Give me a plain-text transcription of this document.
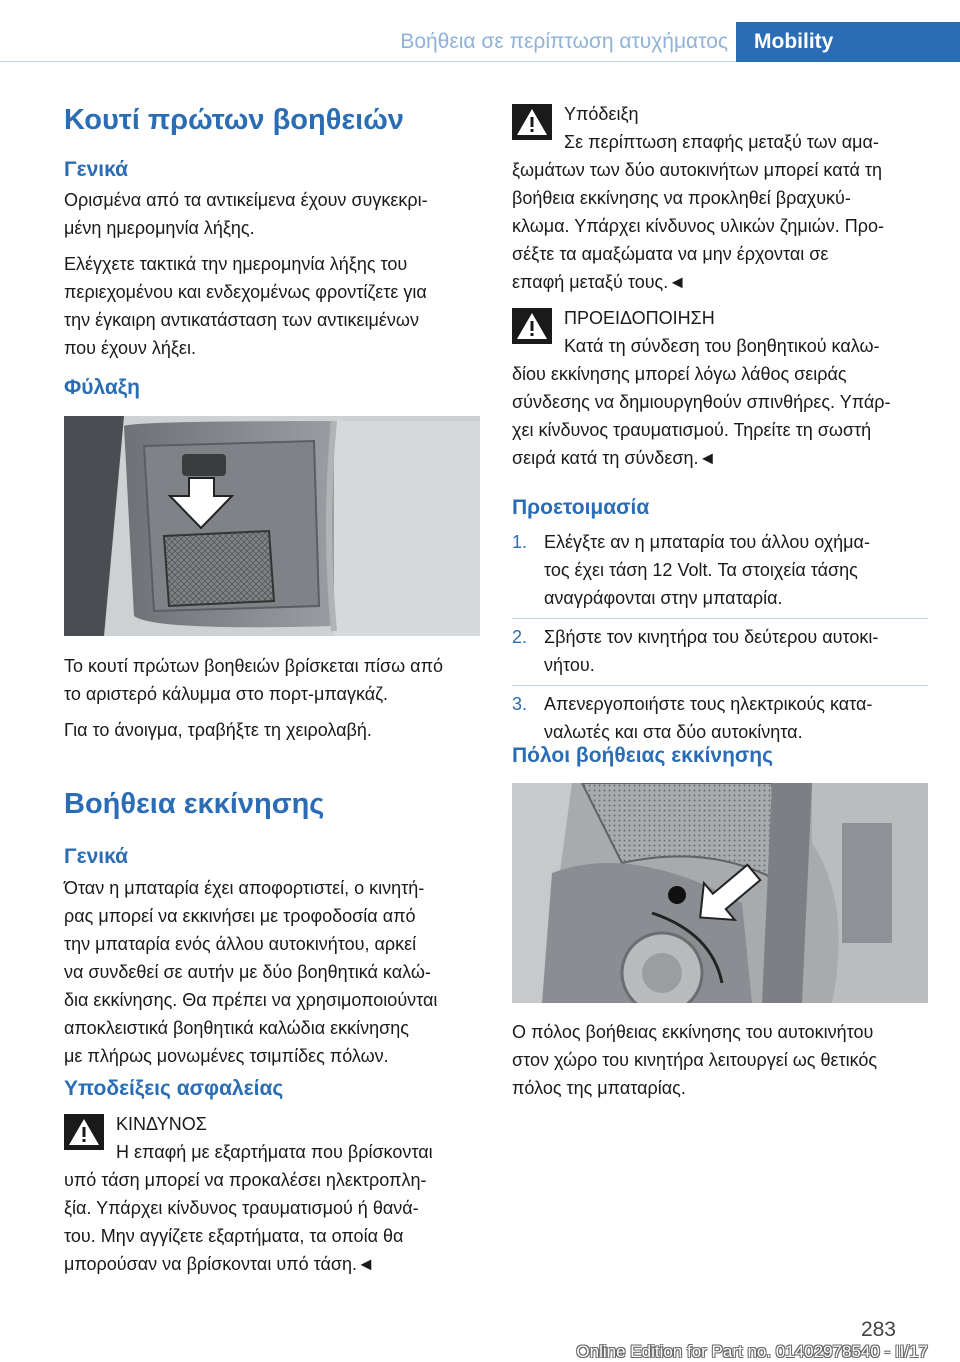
Βοήθεια σε περίπτωση ατυχήματος	Mobility
Κουτί πρώτων βοηθειών
Γενικά

Ορισμένα από τα αντικείμενα έχουν συγκεκρι-

μένη ημερομηνία λήξης.

Ελέγχετε τακτικά την ημερομηνία λήξης του

περιεχομένου και ενδεχομένως φροντίζετε για

την έγκαιρη αντικατάσταση των αντικειμένων

που έχουν λήξει.

Φύλαξη

Το κουτί πρώτων βοηθειών βρίσκεται πίσω από

το αριστερό κάλυμμα στο πορτ-μπαγκάζ.

Για το άνοιγμα, τραβήξτε τη χειρολαβή.

Βοήθεια εκκίνησης
Γενικά

Όταν η μπαταρία έχει αποφορτιστεί, ο κινητή-

ρας μπορεί να εκκινήσει με τροφοδοσία από

την μπαταρία ενός άλλου αυτοκινήτου, αρκεί

να συνδεθεί σε αυτήν με δύο βοηθητικά καλώ-

δια εκκίνησης. Θα πρέπει να χρησιμοποιούνται

αποκλειστικά βοηθητικά καλώδια εκκίνησης

με πλήρως μονωμένες τσιμπίδες πόλων.

Υποδείξεις ασφαλείας
ΚΙΝΔΥΝΟΣ
Η επαφή με εξαρτήματα που βρίσκονται
υπό τάση μπορεί να προκαλέσει ηλεκτροπλη-
ξία. Υπάρχει κίνδυνος τραυματισμού ή θανά-
του. Μην αγγίζετε εξαρτήματα, τα οποία θα
μπορούσαν να βρίσκονται υπό τάση.◄
Υπόδειξη
Σε περίπτωση επαφής μεταξύ των αμα-
ξωμάτων των δύο αυτοκινήτων μπορεί κατά τη
βοήθεια εκκίνησης να προκληθεί βραχυκύ-
κλωμα. Υπάρχει κίνδυνος υλικών ζημιών. Προ-
σέξτε τα αμαξώματα να μην έρχονται σε
επαφή μεταξύ τους.◄
ΠΡΟΕΙΔΟΠΟΙΗΣΗ
Κατά τη σύνδεση του βοηθητικού καλω-
δίου εκκίνησης μπορεί λόγω λάθος σειράς
σύνδεσης να δημιουργηθούν σπινθήρες. Υπάρ-
χει κίνδυνος τραυματισμού. Τηρείτε τη σωστή
σειρά κατά τη σύνδεση.◄
Προετοιμασία
1. Ελέγξτε αν η μπαταρία του άλλου οχήμα-
τος έχει τάση 12 Volt. Τα στοιχεία τάσης
αναγράφονται στην μπαταρία.
2. Σβήστε τον κινητήρα του δεύτερου αυτοκι-
νήτου.
3. Απενεργοποιήστε τους ηλεκτρικούς κατα-
ναλωτές και στα δύο αυτοκίνητα.
Πόλοι βοήθειας εκκίνησης

Ο πόλος βοήθειας εκκίνησης του αυτοκινήτου

στον χώρο του κινητήρα λειτουργεί ως θετικός

πόλος της μπαταρίας.

283
Online Edition for Part no. 01402978540 - II/17
